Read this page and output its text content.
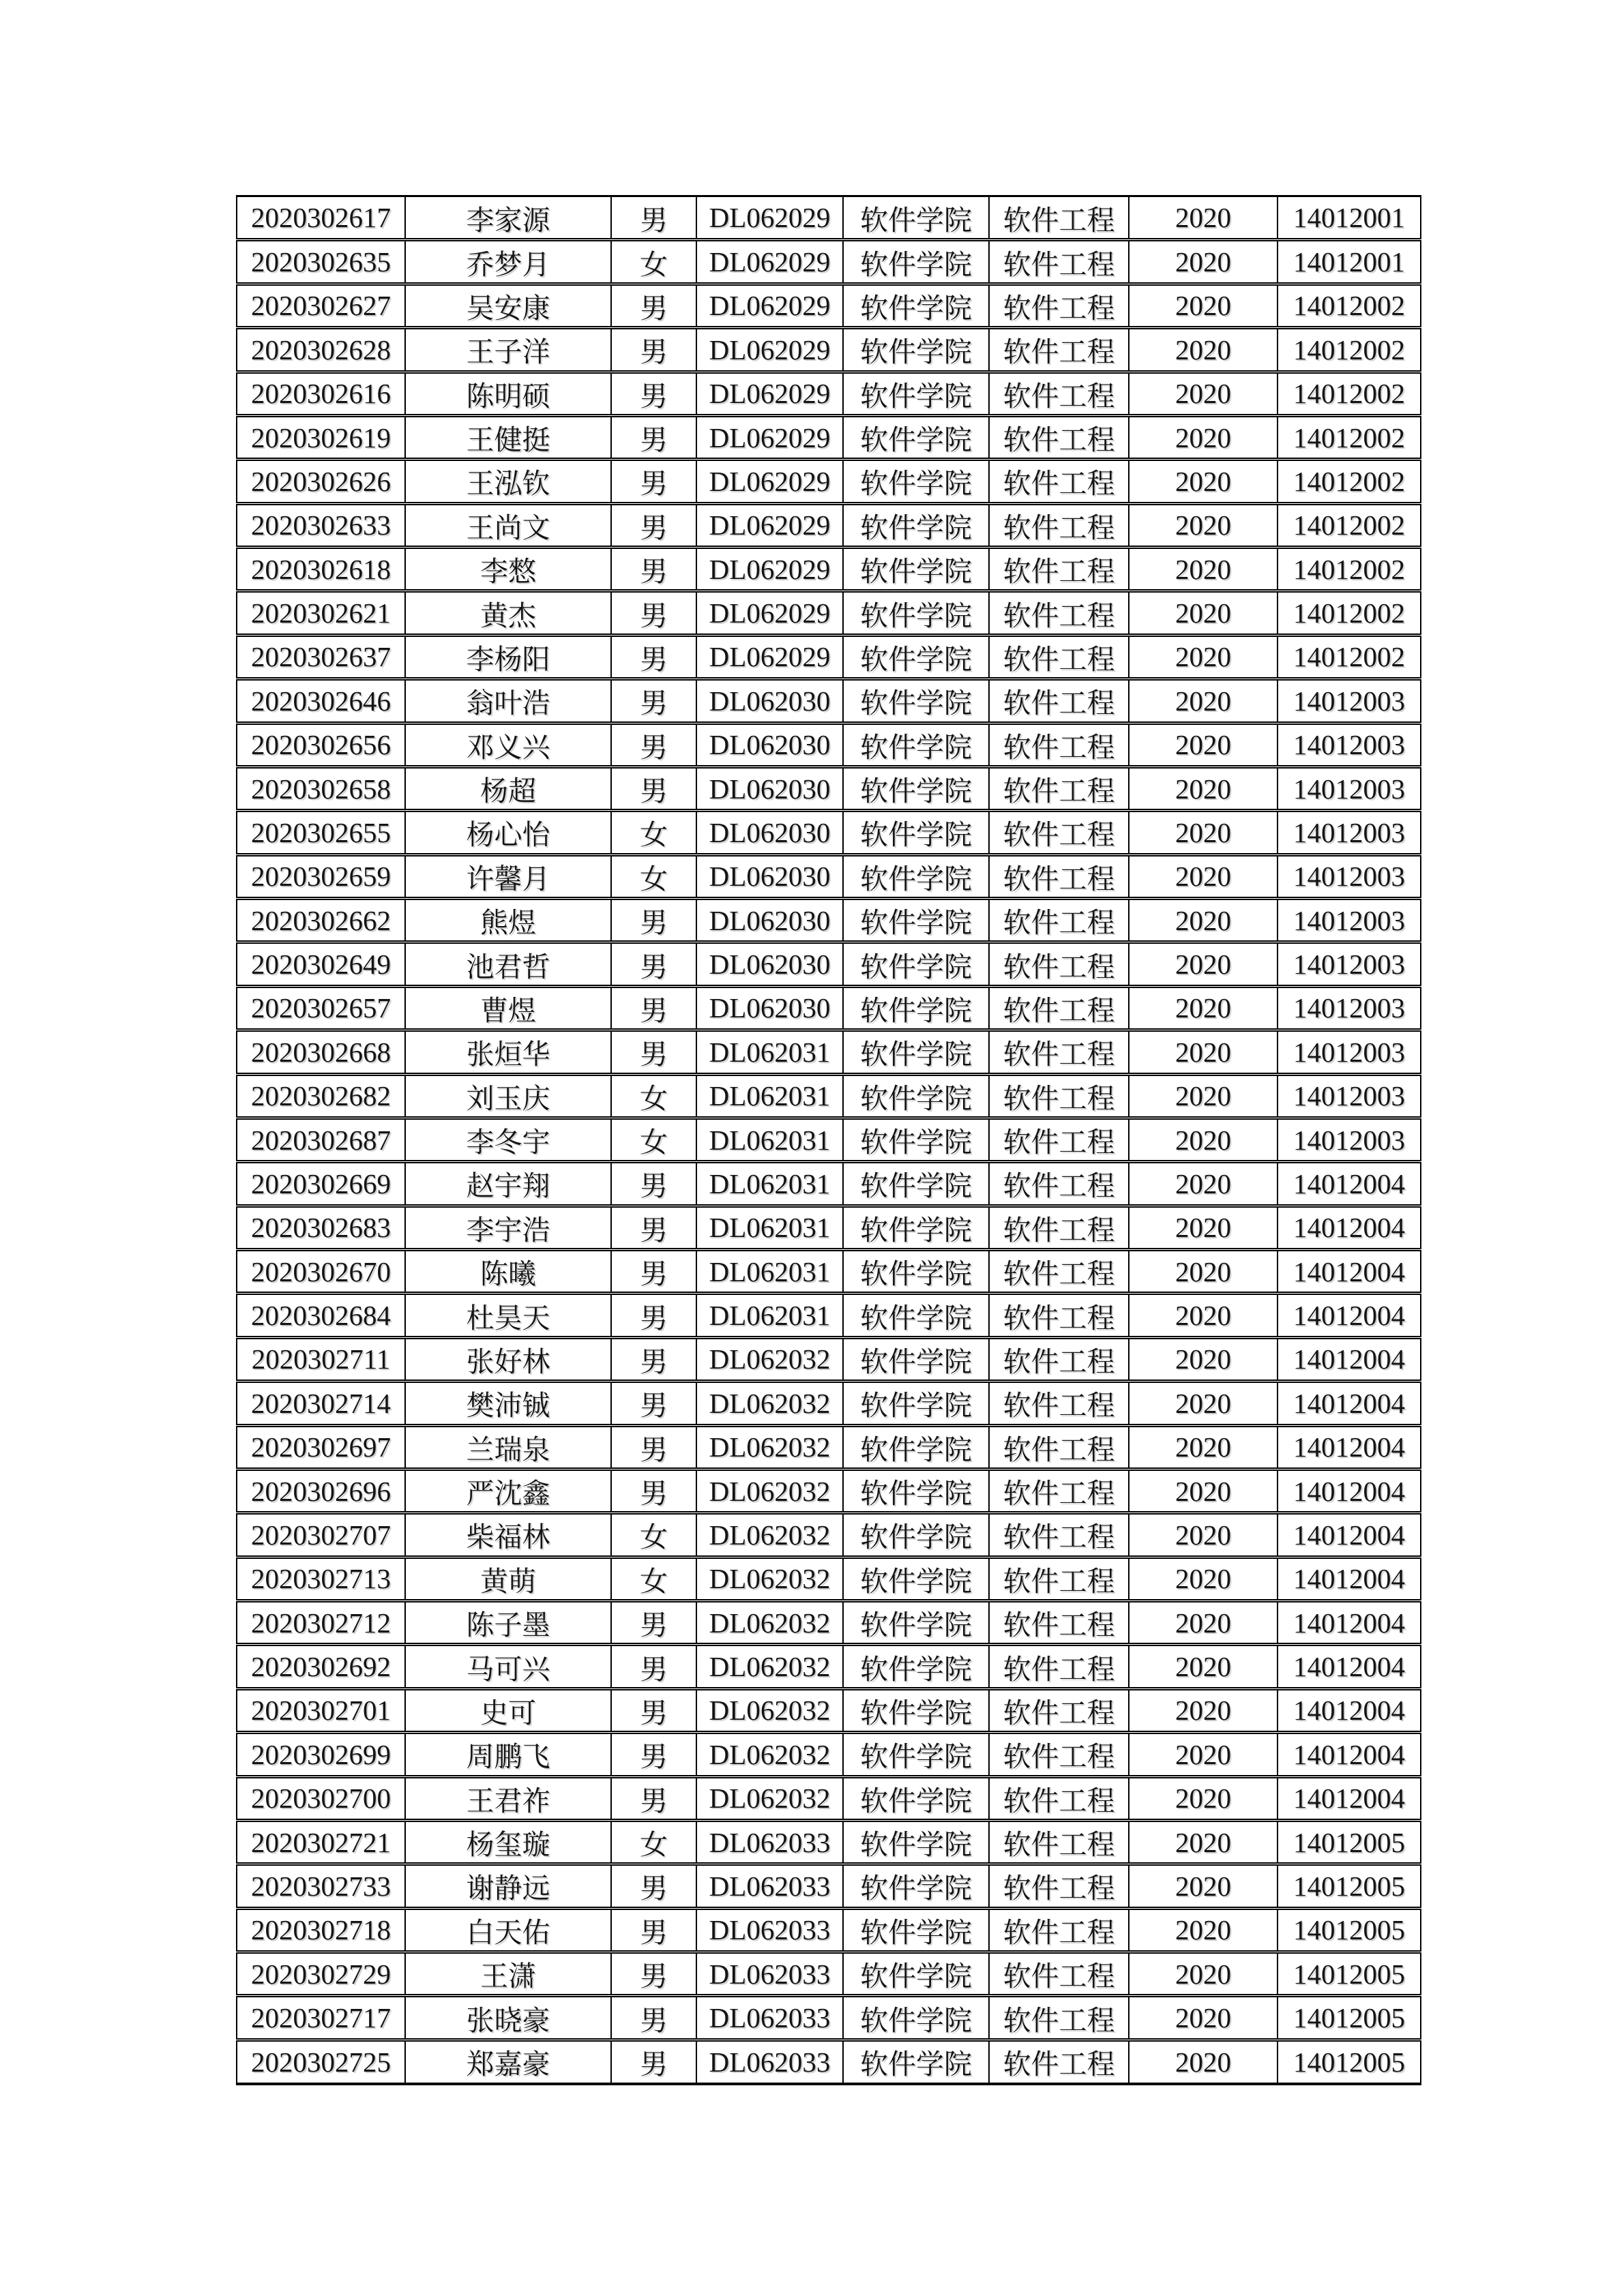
2020302617	李家源	男	DL062029	软件学院	软件工程	2020	14012001
2020302635	乔梦月	女	DL062029	软件学院	软件工程	2020	14012001
2020302627	吴安康	男	DL062029	软件学院	软件工程	2020	14012002
2020302628	王子洋	男	DL062029	软件学院	软件工程	2020	14012002
2020302616	陈明硕	男	DL062029	软件学院	软件工程	2020	14012002
2020302619	王健挺	男	DL062029	软件学院	软件工程	2020	14012002
2020302626	王泓钦	男	DL062029	软件学院	软件工程	2020	14012002
2020302633	王尚文	男	DL062029	软件学院	软件工程	2020	14012002
2020302618	李憗	男	DL062029	软件学院	软件工程	2020	14012002
2020302621	黄杰	男	DL062029	软件学院	软件工程	2020	14012002
2020302637	李杨阳	男	DL062029	软件学院	软件工程	2020	14012002
2020302646	翁叶浩	男	DL062030	软件学院	软件工程	2020	14012003
2020302656	邓义兴	男	DL062030	软件学院	软件工程	2020	14012003
2020302658	杨超	男	DL062030	软件学院	软件工程	2020	14012003
2020302655	杨心怡	女	DL062030	软件学院	软件工程	2020	14012003
2020302659	许馨月	女	DL062030	软件学院	软件工程	2020	14012003
2020302662	熊煜	男	DL062030	软件学院	软件工程	2020	14012003
2020302649	池君哲	男	DL062030	软件学院	软件工程	2020	14012003
2020302657	曹煜	男	DL062030	软件学院	软件工程	2020	14012003
2020302668	张烜华	男	DL062031	软件学院	软件工程	2020	14012003
2020302682	刘玉庆	女	DL062031	软件学院	软件工程	2020	14012003
2020302687	李冬宇	女	DL062031	软件学院	软件工程	2020	14012003
2020302669	赵宇翔	男	DL062031	软件学院	软件工程	2020	14012004
2020302683	李宇浩	男	DL062031	软件学院	软件工程	2020	14012004
2020302670	陈曦	男	DL062031	软件学院	软件工程	2020	14012004
2020302684	杜昊天	男	DL062031	软件学院	软件工程	2020	14012004
2020302711	张好林	男	DL062032	软件学院	软件工程	2020	14012004
2020302714	樊沛铖	男	DL062032	软件学院	软件工程	2020	14012004
2020302697	兰瑞泉	男	DL062032	软件学院	软件工程	2020	14012004
2020302696	严沈鑫	男	DL062032	软件学院	软件工程	2020	14012004
2020302707	柴福林	女	DL062032	软件学院	软件工程	2020	14012004
2020302713	黄萌	女	DL062032	软件学院	软件工程	2020	14012004
2020302712	陈子墨	男	DL062032	软件学院	软件工程	2020	14012004
2020302692	马可兴	男	DL062032	软件学院	软件工程	2020	14012004
2020302701	史可	男	DL062032	软件学院	软件工程	2020	14012004
2020302699	周鹏飞	男	DL062032	软件学院	软件工程	2020	14012004
2020302700	王君祚	男	DL062032	软件学院	软件工程	2020	14012004
2020302721	杨玺璇	女	DL062033	软件学院	软件工程	2020	14012005
2020302733	谢静远	男	DL062033	软件学院	软件工程	2020	14012005
2020302718	白天佑	男	DL062033	软件学院	软件工程	2020	14012005
2020302729	王潇	男	DL062033	软件学院	软件工程	2020	14012005
2020302717	张晓豪	男	DL062033	软件学院	软件工程	2020	14012005
2020302725	郑嘉豪	男	DL062033	软件学院	软件工程	2020	14012005
